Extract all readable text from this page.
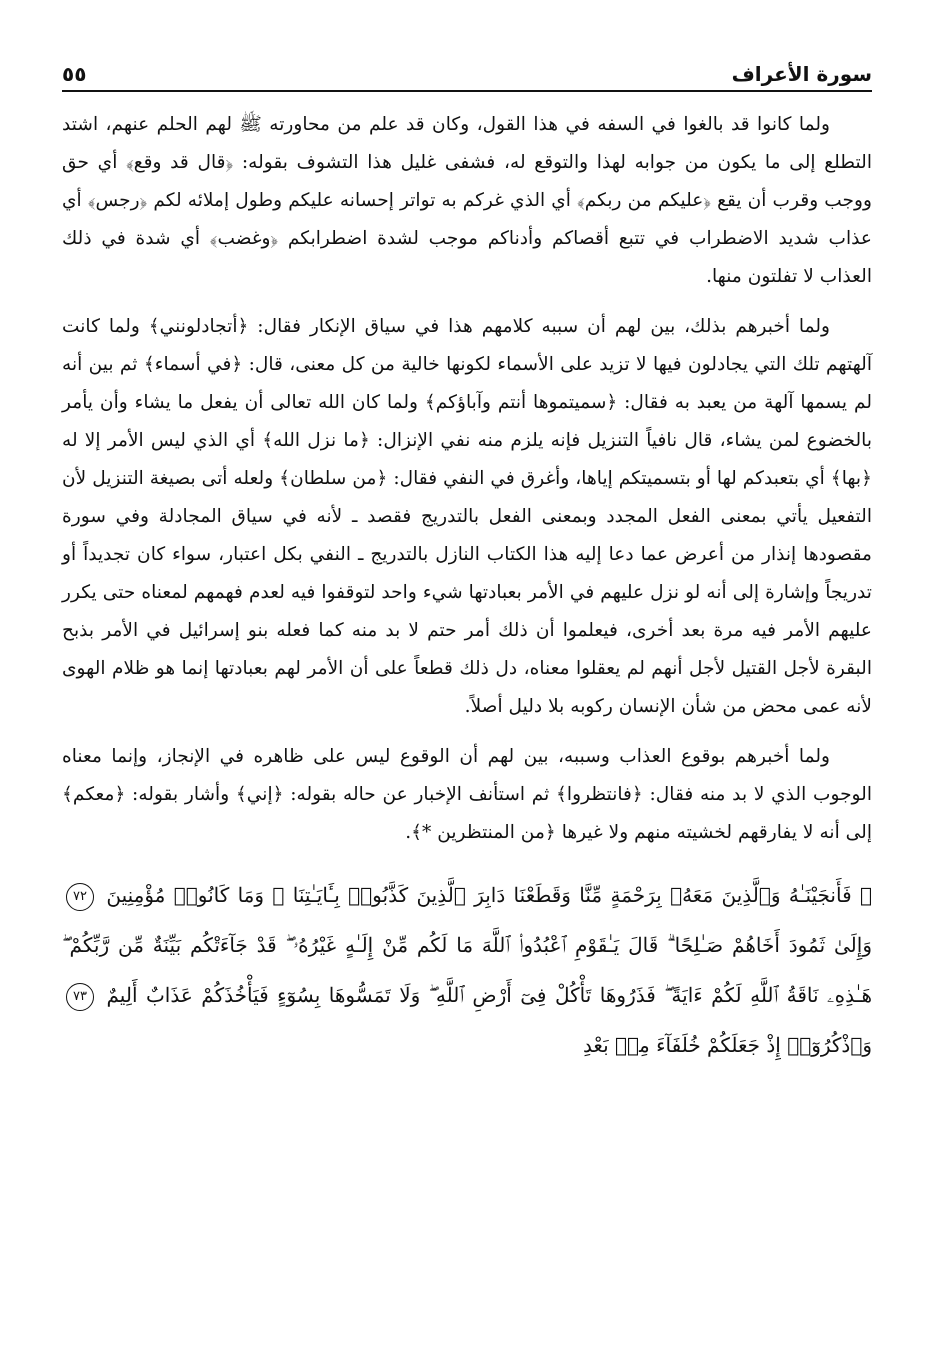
سورة الأعراف
٥٥

ولما كانوا قد بالغوا في السفه في هذا القول، وكان قد علم من محاورته ﷺ لهم الحلم عنهم، اشتد التطلع إلى ما يكون من جوابه لهذا والتوقع له، فشفى غليل هذا التشوف بقوله: ﴿قال قد وقع﴾ أي حق ووجب وقرب أن يقع ﴿عليكم من ربكم﴾ أي الذي غركم به تواتر إحسانه عليكم وطول إملائه لكم ﴿رجس﴾ أي عذاب شديد الاضطراب في تتبع أقصاكم وأدناكم موجب لشدة اضطرابكم ﴿وغضب﴾ أي شدة في ذلك العذاب لا تفلتون منها.

ولما أخبرهم بذلك، بين لهم أن سببه كلامهم هذا في سياق الإنكار فقال: ﴿أتجادلونني﴾ ولما كانت آلهتهم تلك التي يجادلون فيها لا تزيد على الأسماء لكونها خالية من كل معنى، قال: ﴿في أسماء﴾ ثم بين أنه لم يسمها آلهة من يعبد به فقال: ﴿سميتموها أنتم وآباؤكم﴾ ولما كان الله تعالى أن يفعل ما يشاء وأن يأمر بالخضوع لمن يشاء، قال نافياً التنزيل فإنه يلزم منه نفي الإنزال: ﴿ما نزل الله﴾ أي الذي ليس الأمر إلا له ﴿بها﴾ أي بتعبدكم لها أو بتسميتكم إياها، وأغرق في النفي فقال: ﴿من سلطان﴾ ولعله أتى بصيغة التنزيل لأن التفعيل يأتي بمعنى الفعل المجدد وبمعنى الفعل بالتدريج فقصد ـ لأنه في سياق المجادلة وفي سورة مقصودها إنذار من أعرض عما دعا إليه هذا الكتاب النازل بالتدريج ـ النفي بكل اعتبار، سواء كان تجديداً أو تدريجاً وإشارة إلى أنه لو نزل عليهم في الأمر بعبادتها شيء واحد لتوقفوا فيه لعدم فهمهم لمعناه حتى يكرر عليهم الأمر فيه مرة بعد أخرى، فيعلموا أن ذلك أمر حتم لا بد منه كما فعله بنو إسرائيل في الأمر بذبح البقرة لأجل القتيل لأجل أنهم لم يعقلوا معناه، دل ذلك قطعاً على أن الأمر لهم بعبادتها إنما هو ظلام الهوى لأنه عمى محض من شأن الإنسان ركوبه بلا دليل أصلاً.

ولما أخبرهم بوقوع العذاب وسببه، بين لهم أن الوقوع ليس على ظاهره في الإنجاز، وإنما معناه الوجوب الذي لا بد منه فقال: ﴿فانتظروا﴾ ثم استأنف الإخبار عن حاله بقوله: ﴿إني﴾ وأشار بقوله: ﴿معكم﴾ إلى أنه لا يفارقهم لخشيته منهم ولا غيرها ﴿من المنتظرين *﴾.

﴿ فَأَنجَيْنَـٰهُ وَٱلَّذِينَ مَعَهُۥ بِرَحْمَةٍ مِّنَّا وَقَطَعْنَا دَابِرَ ٱلَّذِينَ كَذَّبُوا۟ بِـَٔايَـٰتِنَا ۖ وَمَا كَانُوا۟ مُؤْمِنِينَ ٧٢ وَإِلَىٰ ثَمُودَ أَخَاهُمْ صَـٰلِحًا ۗ قَالَ يَـٰقَوْمِ ٱعْبُدُوا۟ ٱللَّهَ مَا لَكُم مِّنْ إِلَـٰهٍ غَيْرُهُۥ ۖ قَدْ جَآءَتْكُم بَيِّنَةٌ مِّن رَّبِّكُمْ ۖ هَـٰذِهِۦ نَاقَةُ ٱللَّهِ لَكُمْ ءَايَةً ۖ فَذَرُوهَا تَأْكُلْ فِىٓ أَرْضِ ٱللَّهِ ۖ وَلَا تَمَسُّوهَا بِسُوٓءٍ فَيَأْخُذَكُمْ عَذَابٌ أَلِيمٌ ٧٣ وَٱذْكُرُوٓا۟ إِذْ جَعَلَكُمْ خُلَفَآءَ مِنۢ بَعْدِ
